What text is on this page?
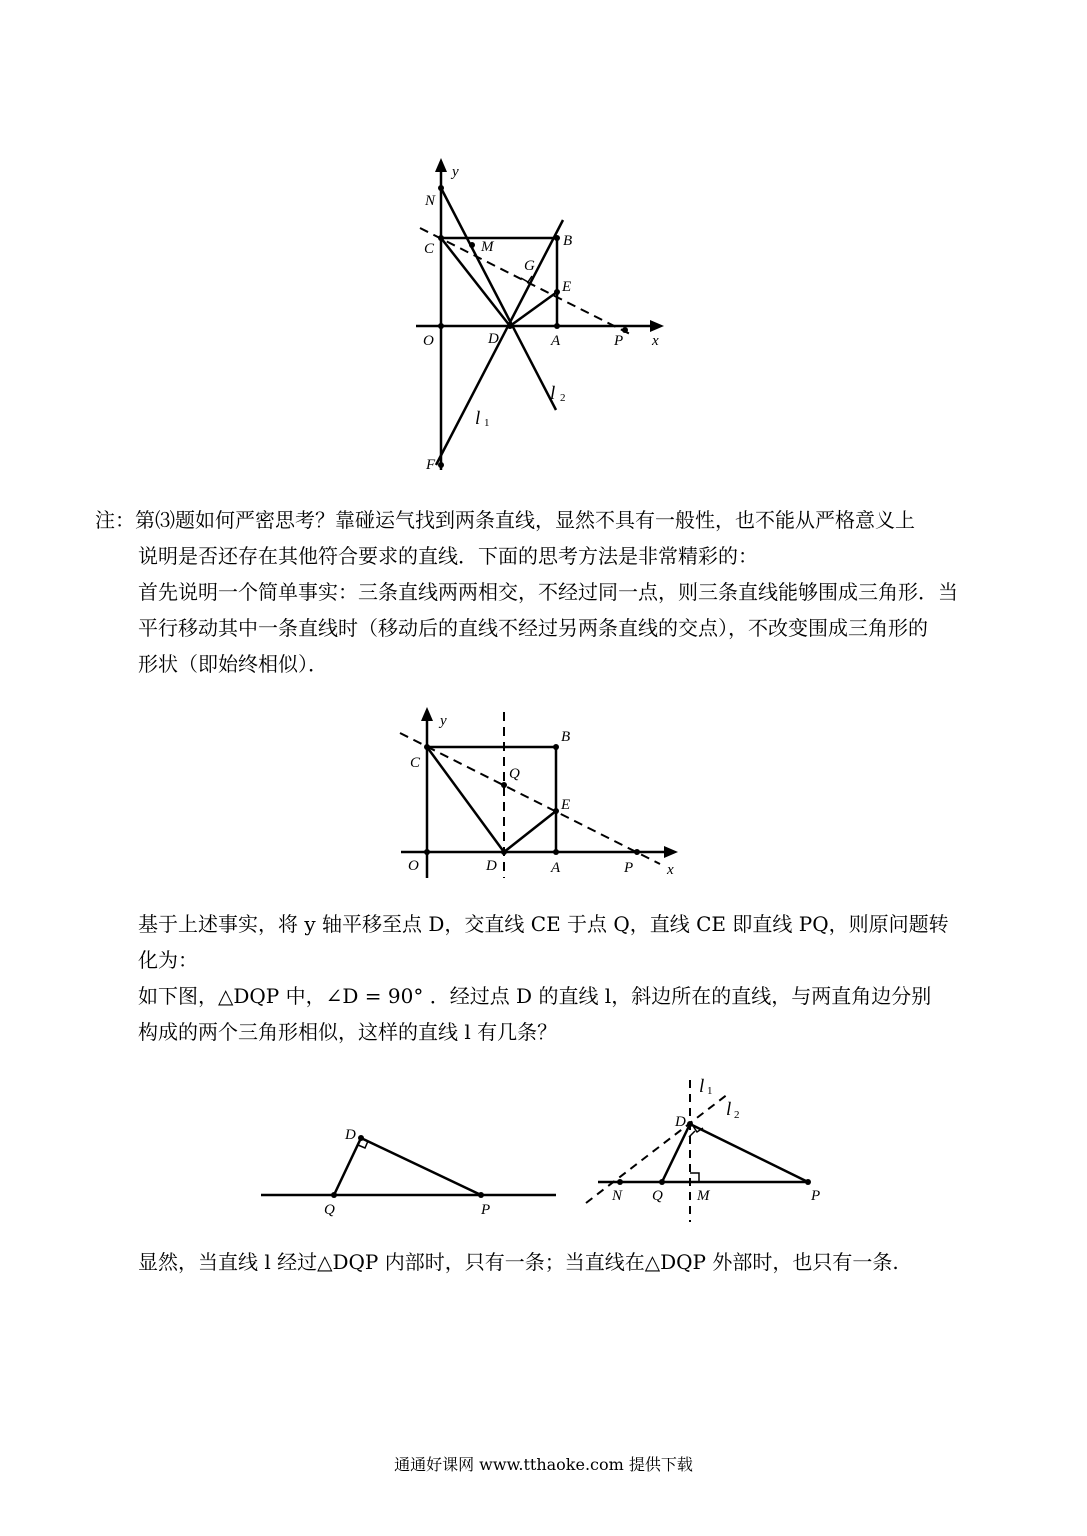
y
x
N
C	M	B
G
E
O	D	A	P
l 2
l 1
F
注：第⑶题如何严密思考？靠碰运气找到两条直线，显然不具有一般性，也不能从严格意义上
说明是否还存在其他符合要求的直线．下面的思考方法是非常精彩的：
首先说明一个简单事实：三条直线两两相交，不经过同一点，则三条直线能够围成三角形．当
平行移动其中一条直线时（移动后的直线不经过另两条直线的交点），不改变围成三角形的
形状（即始终相似）．
y
B
C
Q
E
O	D	A	P x
基于上述事实，将 y 轴平移至点 D，交直线 CE 于点 Q，直线 CE 即直线 PQ，则原问题转
化为：
如下图，△DQP 中，∠D = 90° ．经过点 D 的直线 l，斜边所在的直线，与两直角边分别
构成的两个三角形相似，这样的直线 l 有几条？
D
Q	P
l 1
D
l 2
N Q M	P
显然，当直线 l 经过△DQP 内部时，只有一条；当直线在△DQP 外部时，也只有一条.
通通好课网 www.tthaoke.com 提供下载
